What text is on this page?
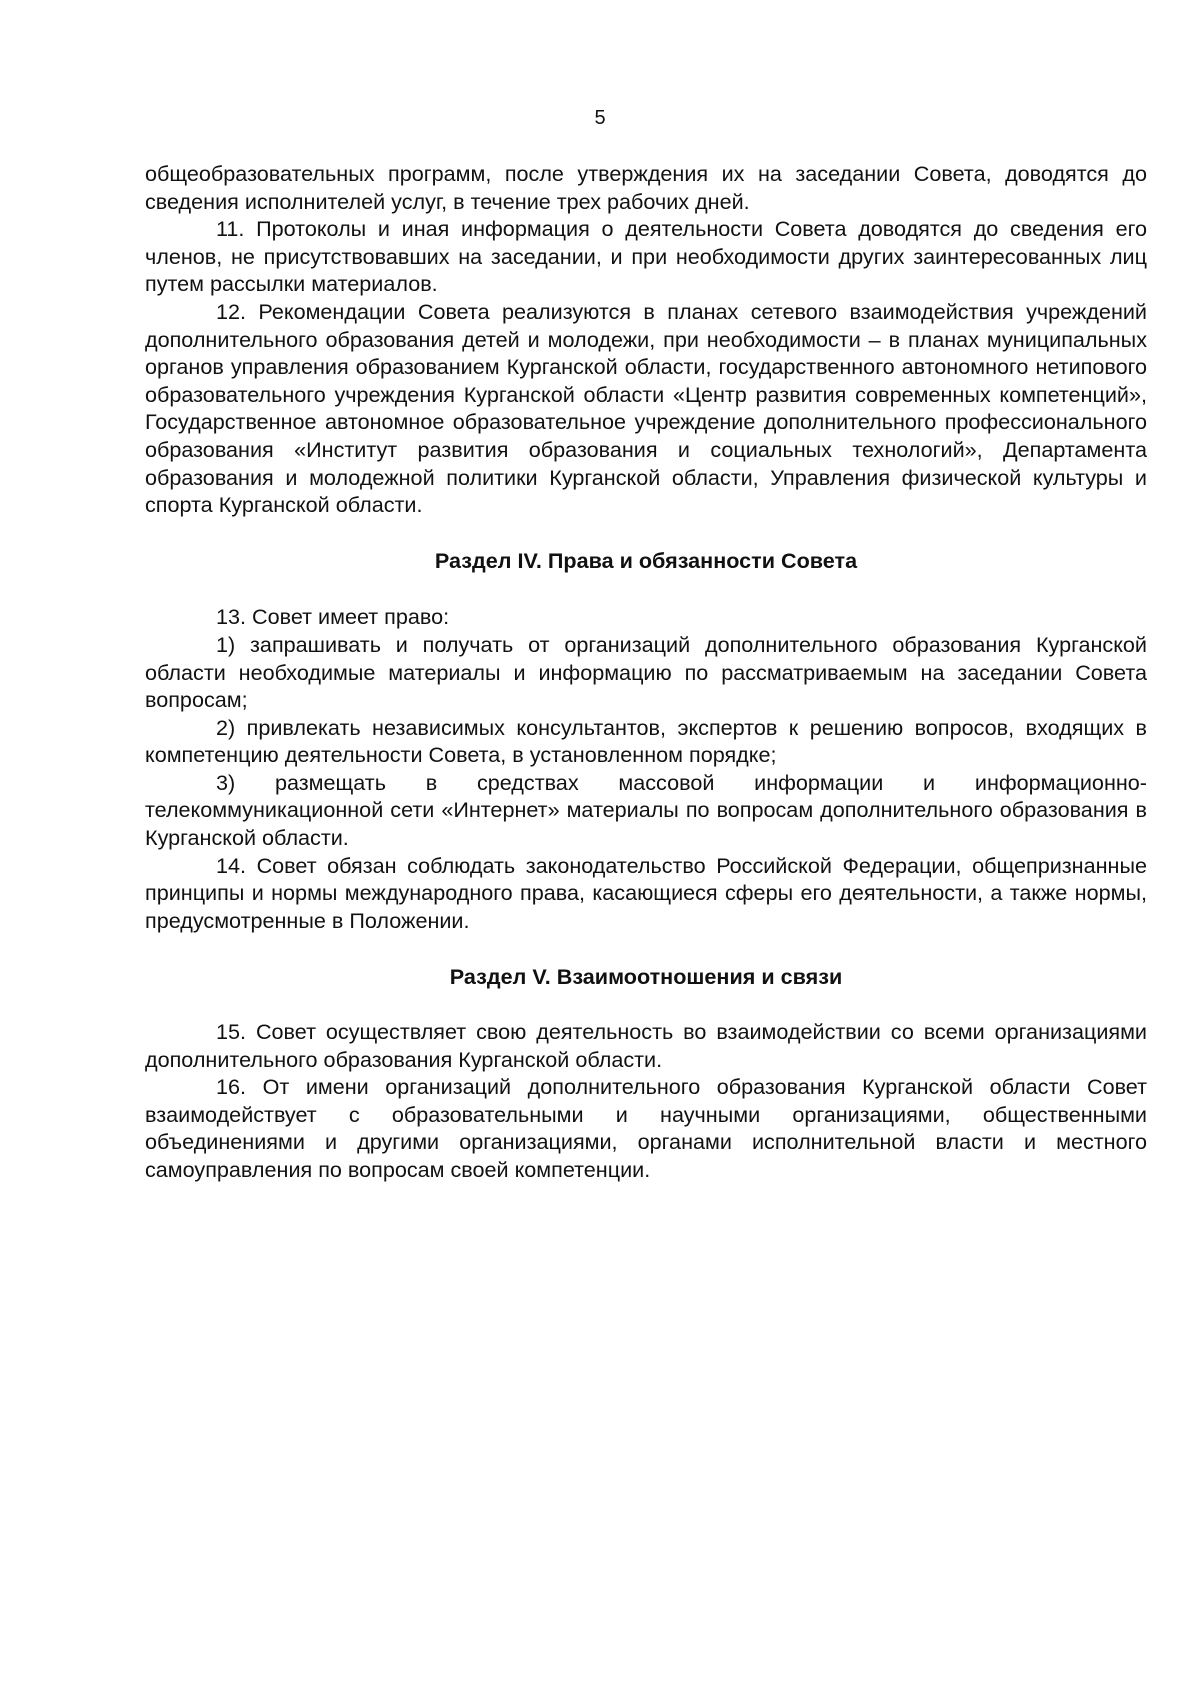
5

общеобразовательных программ, после утверждения их на заседании Совета, доводятся до сведения исполнителей услуг, в течение трех рабочих дней.

11. Протоколы и иная информация о деятельности Совета доводятся до сведения его членов, не присутствовавших на заседании, и при необходимости других заинтересованных лиц путем рассылки материалов.

12. Рекомендации Совета реализуются в планах сетевого взаимодействия учреждений дополнительного образования детей и молодежи, при необходимости – в планах муниципальных органов управления образованием Курганской области, государственного автономного нетипового образовательного учреждения Курганской области «Центр развития современных компетенций», Государственное автономное образовательное учреждение дополнительного профессионального образования «Институт развития образования и социальных технологий», Департамента образования и молодежной политики Курганской области, Управления физической культуры и спорта Курганской области.

Раздел IV. Права и обязанности Совета

13. Совет имеет право:

1) запрашивать и получать от организаций дополнительного образования Курганской области необходимые материалы и информацию по рассматриваемым на заседании Совета вопросам;

2) привлекать независимых консультантов, экспертов к решению вопросов, входящих в компетенцию деятельности Совета, в установленном порядке;

3) размещать в средствах массовой информации и информационно-телекоммуникационной сети «Интернет» материалы по вопросам дополнительного образования в Курганской области.

14. Совет обязан соблюдать законодательство Российской Федерации, общепризнанные принципы и нормы международного права, касающиеся сферы его деятельности, а также нормы, предусмотренные в Положении.

Раздел V. Взаимоотношения и связи

15. Совет осуществляет свою деятельность во взаимодействии со всеми организациями дополнительного образования Курганской области.

16. От имени организаций дополнительного образования Курганской области Совет взаимодействует с образовательными и научными организациями, общественными объединениями и другими организациями, органами исполнительной власти и местного самоуправления по вопросам своей компетенции.
